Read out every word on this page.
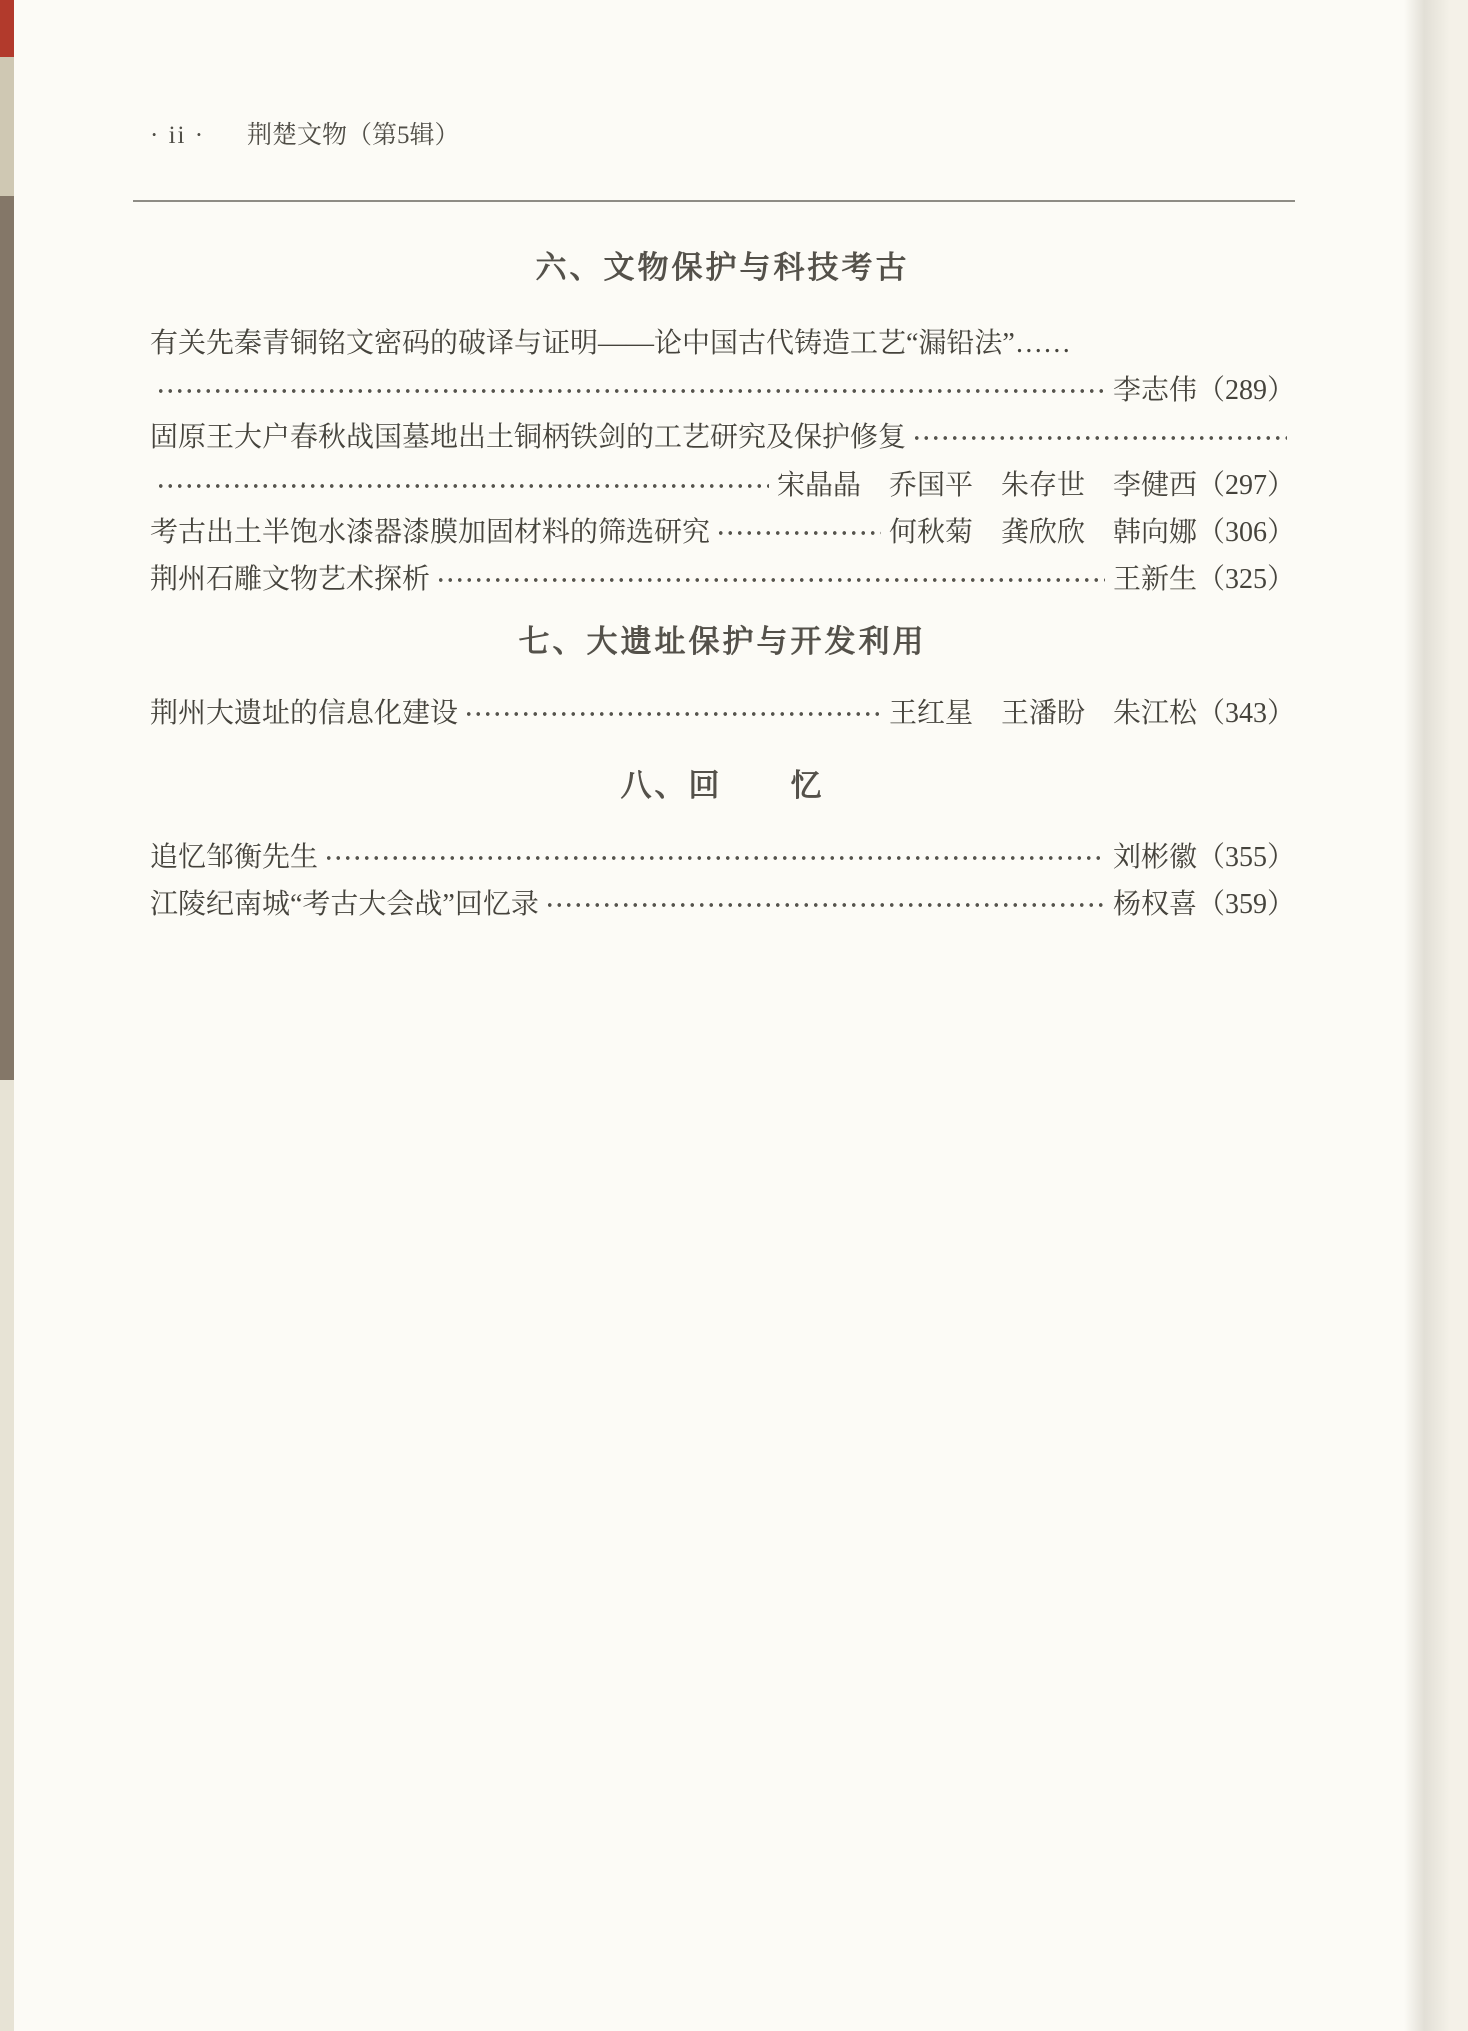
· ii · 荆楚文物（第5辑）
六、文物保护与科技考古
有关先秦青铜铭文密码的破译与证明——论中国古代铸造工艺“漏铅法”……
李志伟 （289）
固原王大户春秋战国墓地出土铜柄铁剑的工艺研究及保护修复
宋晶晶　乔国平　朱存世　李健西 （297）
考古出土半饱水漆器漆膜加固材料的筛选研究	何秋菊　龚欣欣　韩向娜 （306）
荆州石雕文物艺术探析	王新生 （325）
七、大遗址保护与开发利用
荆州大遗址的信息化建设	王红星　王潘盼　朱江松 （343）
八、回　　忆
追忆邹衡先生	刘彬徽 （355）
江陵纪南城“考古大会战”回忆录	杨权喜 （359）
